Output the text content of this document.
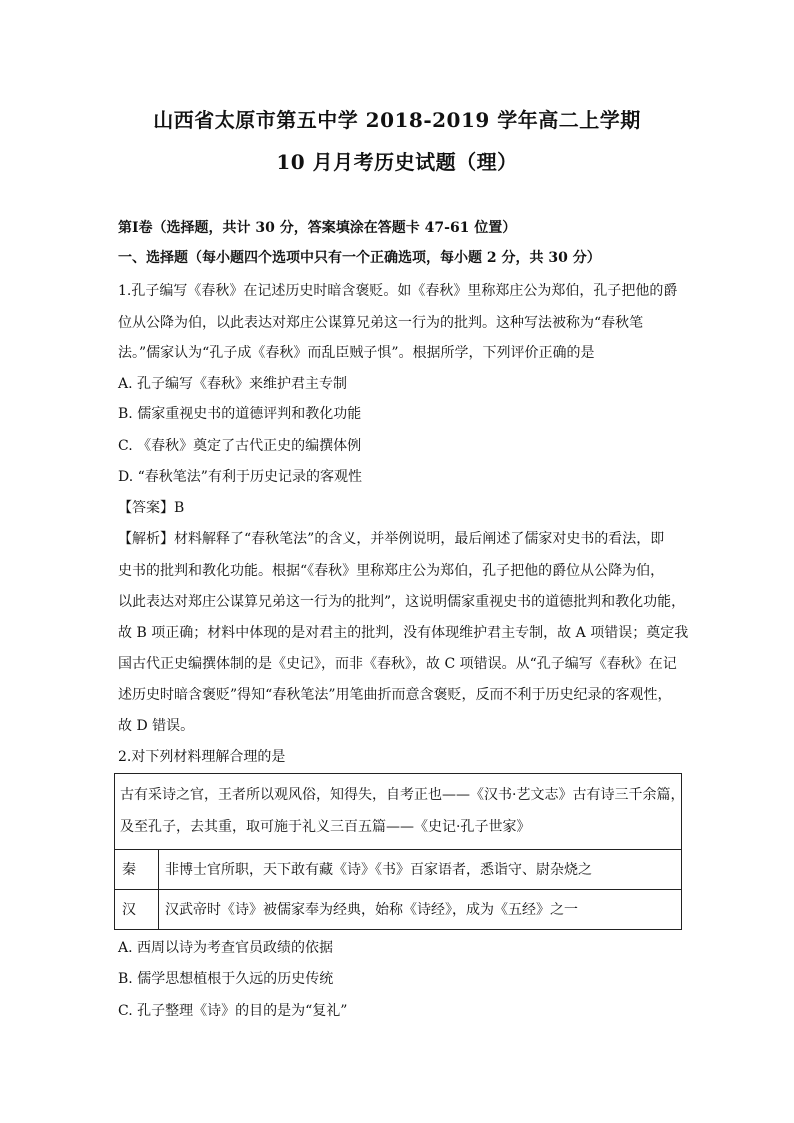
山西省太原市第五中学 2018-2019 学年高二上学期
10 月月考历史试题（理）
第Ⅰ卷（选择题，共计 30 分，答案填涂在答题卡 47-61 位置）
一、选择题（每小题四个选项中只有一个正确选项，每小题 2 分，共 30 分）
1.孔子编写《春秋》在记述历史时暗含褒贬。如《春秋》里称郑庄公为郑伯，孔子把他的爵
位从公降为伯，以此表达对郑庄公谋算兄弟这一行为的批判。这种写法被称为“春秋笔
法。”儒家认为“孔子成《春秋》而乱臣贼子惧”。根据所学，下列评价正确的是
A. 孔子编写《春秋》来维护君主专制
B. 儒家重视史书的道德评判和教化功能
C. 《春秋》奠定了古代正史的编撰体例
D. “春秋笔法”有利于历史记录的客观性
【答案】B
【解析】材料解释了“春秋笔法”的含义，并举例说明，最后阐述了儒家对史书的看法，即
史书的批判和教化功能。根据“《春秋》里称郑庄公为郑伯，孔子把他的爵位从公降为伯，
以此表达对郑庄公谋算兄弟这一行为的批判”，这说明儒家重视史书的道德批判和教化功能，
故 B 项正确；材料中体现的是对君主的批判，没有体现维护君主专制，故 A 项错误；奠定我
国古代正史编撰体制的是《史记》，而非《春秋》，故 C 项错误。从“孔子编写《春秋》在记
述历史时暗含褒贬”得知“春秋笔法”用笔曲折而意含褒贬，反而不利于历史纪录的客观性，
故 D 错误。
2.对下列材料理解合理的是
古有采诗之官，王者所以观风俗，知得失，自考正也——《汉书·艺文志》古有诗三千余篇，
及至孔子，去其重，取可施于礼义三百五篇——《史记·孔子世家》
秦 非博士官所职，天下敢有藏《诗》《书》百家语者，悉诣守、尉杂烧之
汉 汉武帝时《诗》被儒家奉为经典，始称《诗经》，成为《五经》之一
A. 西周以诗为考查官员政绩的依据
B. 儒学思想植根于久远的历史传统
C. 孔子整理《诗》的目的是为“复礼”
